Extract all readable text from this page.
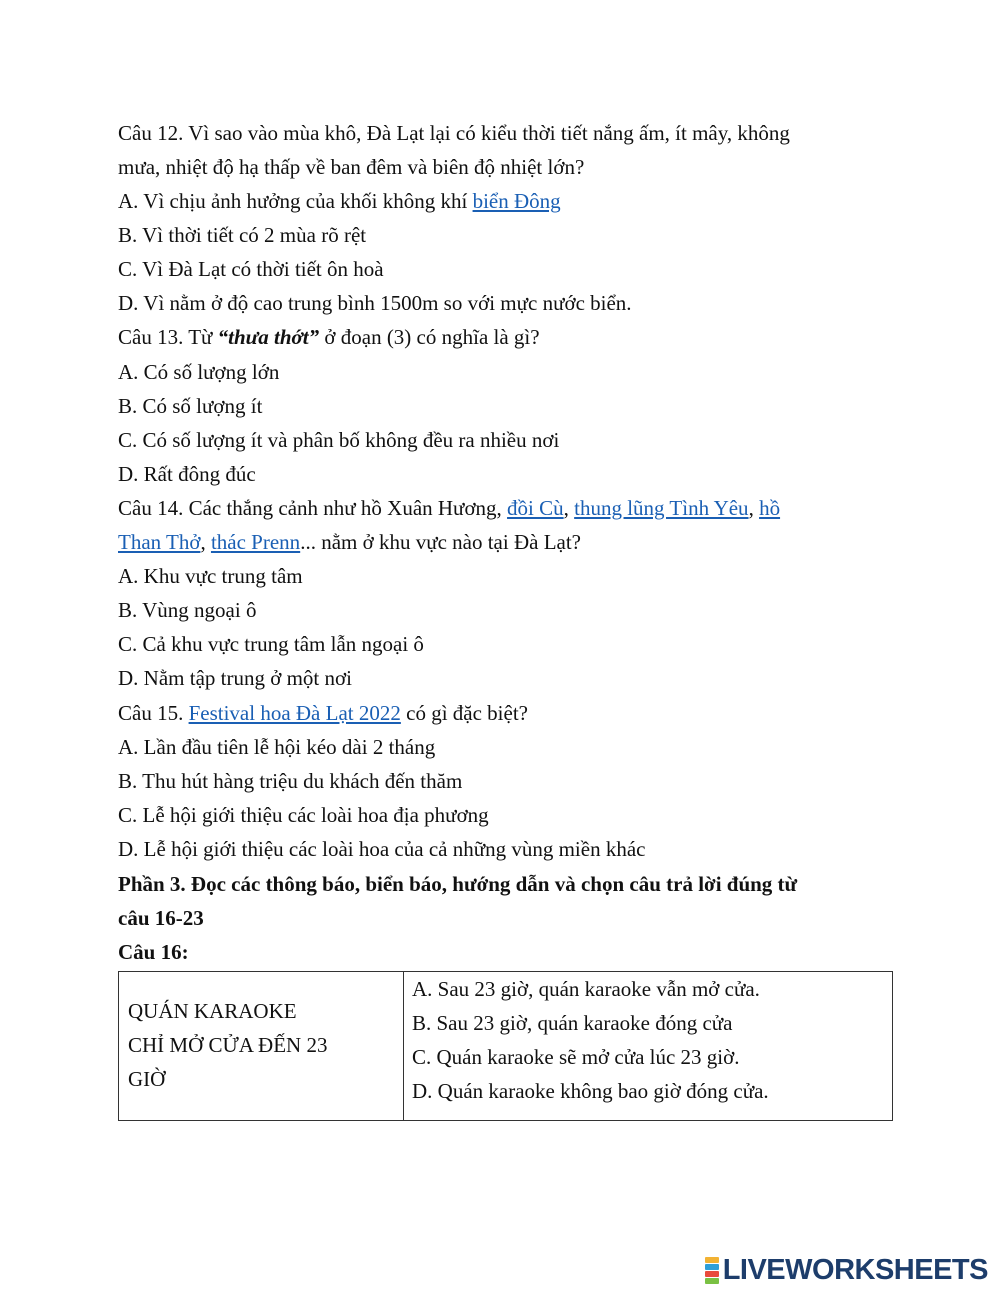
Câu 12. Vì sao vào mùa khô, Đà Lạt lại có kiểu thời tiết nắng ấm, ít mây, không
mưa, nhiệt độ hạ thấp về ban đêm và biên độ nhiệt lớn?
A. Vì chịu ảnh hưởng của khối không khí biển Đông
B. Vì thời tiết có 2 mùa rõ rệt
C. Vì Đà Lạt có thời tiết ôn hoà
D. Vì nằm ở độ cao trung bình 1500m so với mực nước biển.
Câu 13. Từ “thưa thớt” ở đoạn (3) có nghĩa là gì?
A. Có số lượng lớn
B. Có số lượng ít
C. Có số lượng ít và phân bố không đều ra nhiều nơi
D. Rất đông đúc
Câu 14. Các thắng cảnh như hồ Xuân Hương, đồi Cù, thung lũng Tình Yêu, hồ
Than Thở, thác Prenn... nằm ở khu vực nào tại Đà Lạt?
A. Khu vực trung tâm
B. Vùng ngoại ô
C. Cả khu vực trung tâm lẫn ngoại ô
D. Nằm tập trung ở một nơi
Câu 15. Festival hoa Đà Lạt 2022 có gì đặc biệt?
A. Lần đầu tiên lễ hội kéo dài 2 tháng
B. Thu hút hàng triệu du khách đến thăm
C. Lễ hội giới thiệu các loài hoa địa phương
D. Lễ hội giới thiệu các loài hoa của cả những vùng miền khác
Phần 3. Đọc các thông báo, biển báo, hướng dẫn và chọn câu trả lời đúng từ
câu 16-23
Câu 16:
QUÁN KARAOKE
CHỈ MỞ CỬA ĐẾN 23
GIỜ

A. Sau 23 giờ, quán karaoke vẫn mở cửa.
B. Sau 23 giờ, quán karaoke đóng cửa
C. Quán karaoke sẽ mở cửa lúc 23 giờ.
D. Quán karaoke không bao giờ đóng cửa.
LIVEWORKSHEETS
